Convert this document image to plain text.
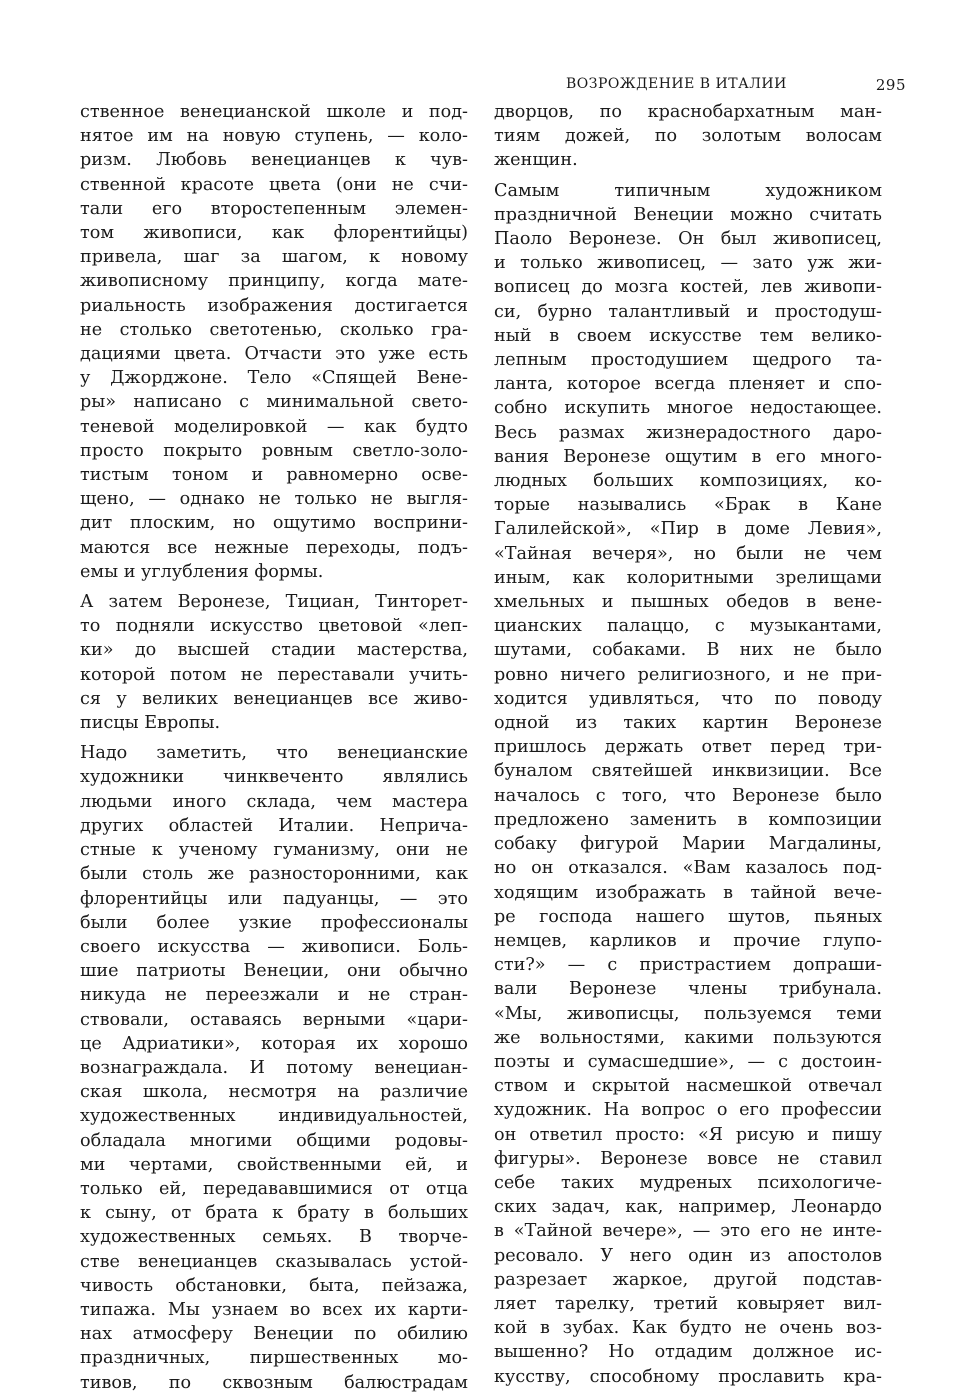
ВОЗРОЖДЕНИЕ В ИТАЛИИ	295
ственное венецианской школе и под-
нятое им на новую ступень, — коло-
ризм. Любовь венецианцев к чув-
ственной красоте цвета (они не счи-
тали его второстепенным элемен-
том живописи, как флорентийцы)
привела, шаг за шагом, к новому
живописному принципу, когда мате-
риальность изображения достигается
не столько светотенью, сколько гра-
дациями цвета. Отчасти это уже есть
у Джорджоне. Тело «Спящей Вене-
ры» написано с минимальной свето-
теневой моделировкой — как будто
просто покрыто ровным светло-золо-
тистым тоном и равномерно осве-
щено, — однако не только не выгля-
дит плоским, но ощутимо восприни-
маются все нежные переходы, подъ-
емы и углубления формы.
А затем Веронезе, Тициан, Тинторет-
то подняли искусство цветовой «леп-
ки» до высшей стадии мастерства,
которой потом не переставали учить-
ся у великих венецианцев все живо-
писцы Европы.
Надо заметить, что венецианские
художники чинквеченто являлись
людьми иного склада, чем мастера
других областей Италии. Неприча-
стные к ученому гуманизму, они не
были столь же разносторонними, как
флорентийцы или падуанцы, — это
были более узкие профессионалы
своего искусства — живописи. Боль-
шие патриоты Венеции, они обычно
никуда не переезжали и не стран-
ствовали, оставаясь верными «цари-
це Адриатики», которая их хорошо
вознаграждала. И потому венециан-
ская школа, несмотря на различие
художественных индивидуальностей,
обладала многими общими родовы-
ми чертами, свойственными ей, и
только ей, передававшимися от отца
к сыну, от брата к брату в больших
художественных семьях. В творче-
стве венецианцев сказывалась устой-
чивость обстановки, быта, пейзажа,
типажа. Мы узнаем во всех их карти-
нах атмосферу Венеции по обилию
праздничных, пиршественных мо-
тивов, по сквозным балюстрадам
дворцов, по краснобархатным ман-
тиям дожей, по золотым волосам
женщин.
Самым типичным художником
праздничной Венеции можно считать
Паоло Веронезе. Он был живописец,
и только живописец, — зато уж жи-
вописец до мозга костей, лев живопи-
си, бурно талантливый и простодуш-
ный в своем искусстве тем велико-
лепным простодушием щедрого та-
ланта, которое всегда пленяет и спо-
собно искупить многое недостающее.
Весь размах жизнерадостного даро-
вания Веронезе ощутим в его много-
людных больших композициях, ко-
торые назывались «Брак в Кане
Галилейской», «Пир в доме Левия»,
«Тайная вечеря», но были не чем
иным, как колоритными зрелищами
хмельных и пышных обедов в вене-
цианских палаццо, с музыкантами,
шутами, собаками. В них не было
ровно ничего религиозного, и не при-
ходится удивляться, что по поводу
одной из таких картин Веронезе
пришлось держать ответ перед три-
буналом святейшей инквизиции. Все
началось с того, что Веронезе было
предложено заменить в композиции
собаку фигурой Марии Магдалины,
но он отказался. «Вам казалось под-
ходящим изображать в тайной вече-
ре господа нашего шутов, пьяных
немцев, карликов и прочие глупо-
сти?» — с пристрастием допраши-
вали Веронезе члены трибунала.
«Мы, живописцы, пользуемся теми
же вольностями, какими пользуются
поэты и сумасшедшие», — с достоин-
ством и скрытой насмешкой отвечал
художник. На вопрос о его профессии
он ответил просто: «Я рисую и пишу
фигуры». Веронезе вовсе не ставил
себе таких мудреных психологиче-
ских задач, как, например, Леонардо
в «Тайной вечере», — это его не инте-
ресовало. У него один из апостолов
разрезает жаркое, другой подстав-
ляет тарелку, третий ковыряет вил-
кой в зубах. Как будто не очень воз-
вышенно? Но отдадим должное ис-
кусству, способному прославить кра-
